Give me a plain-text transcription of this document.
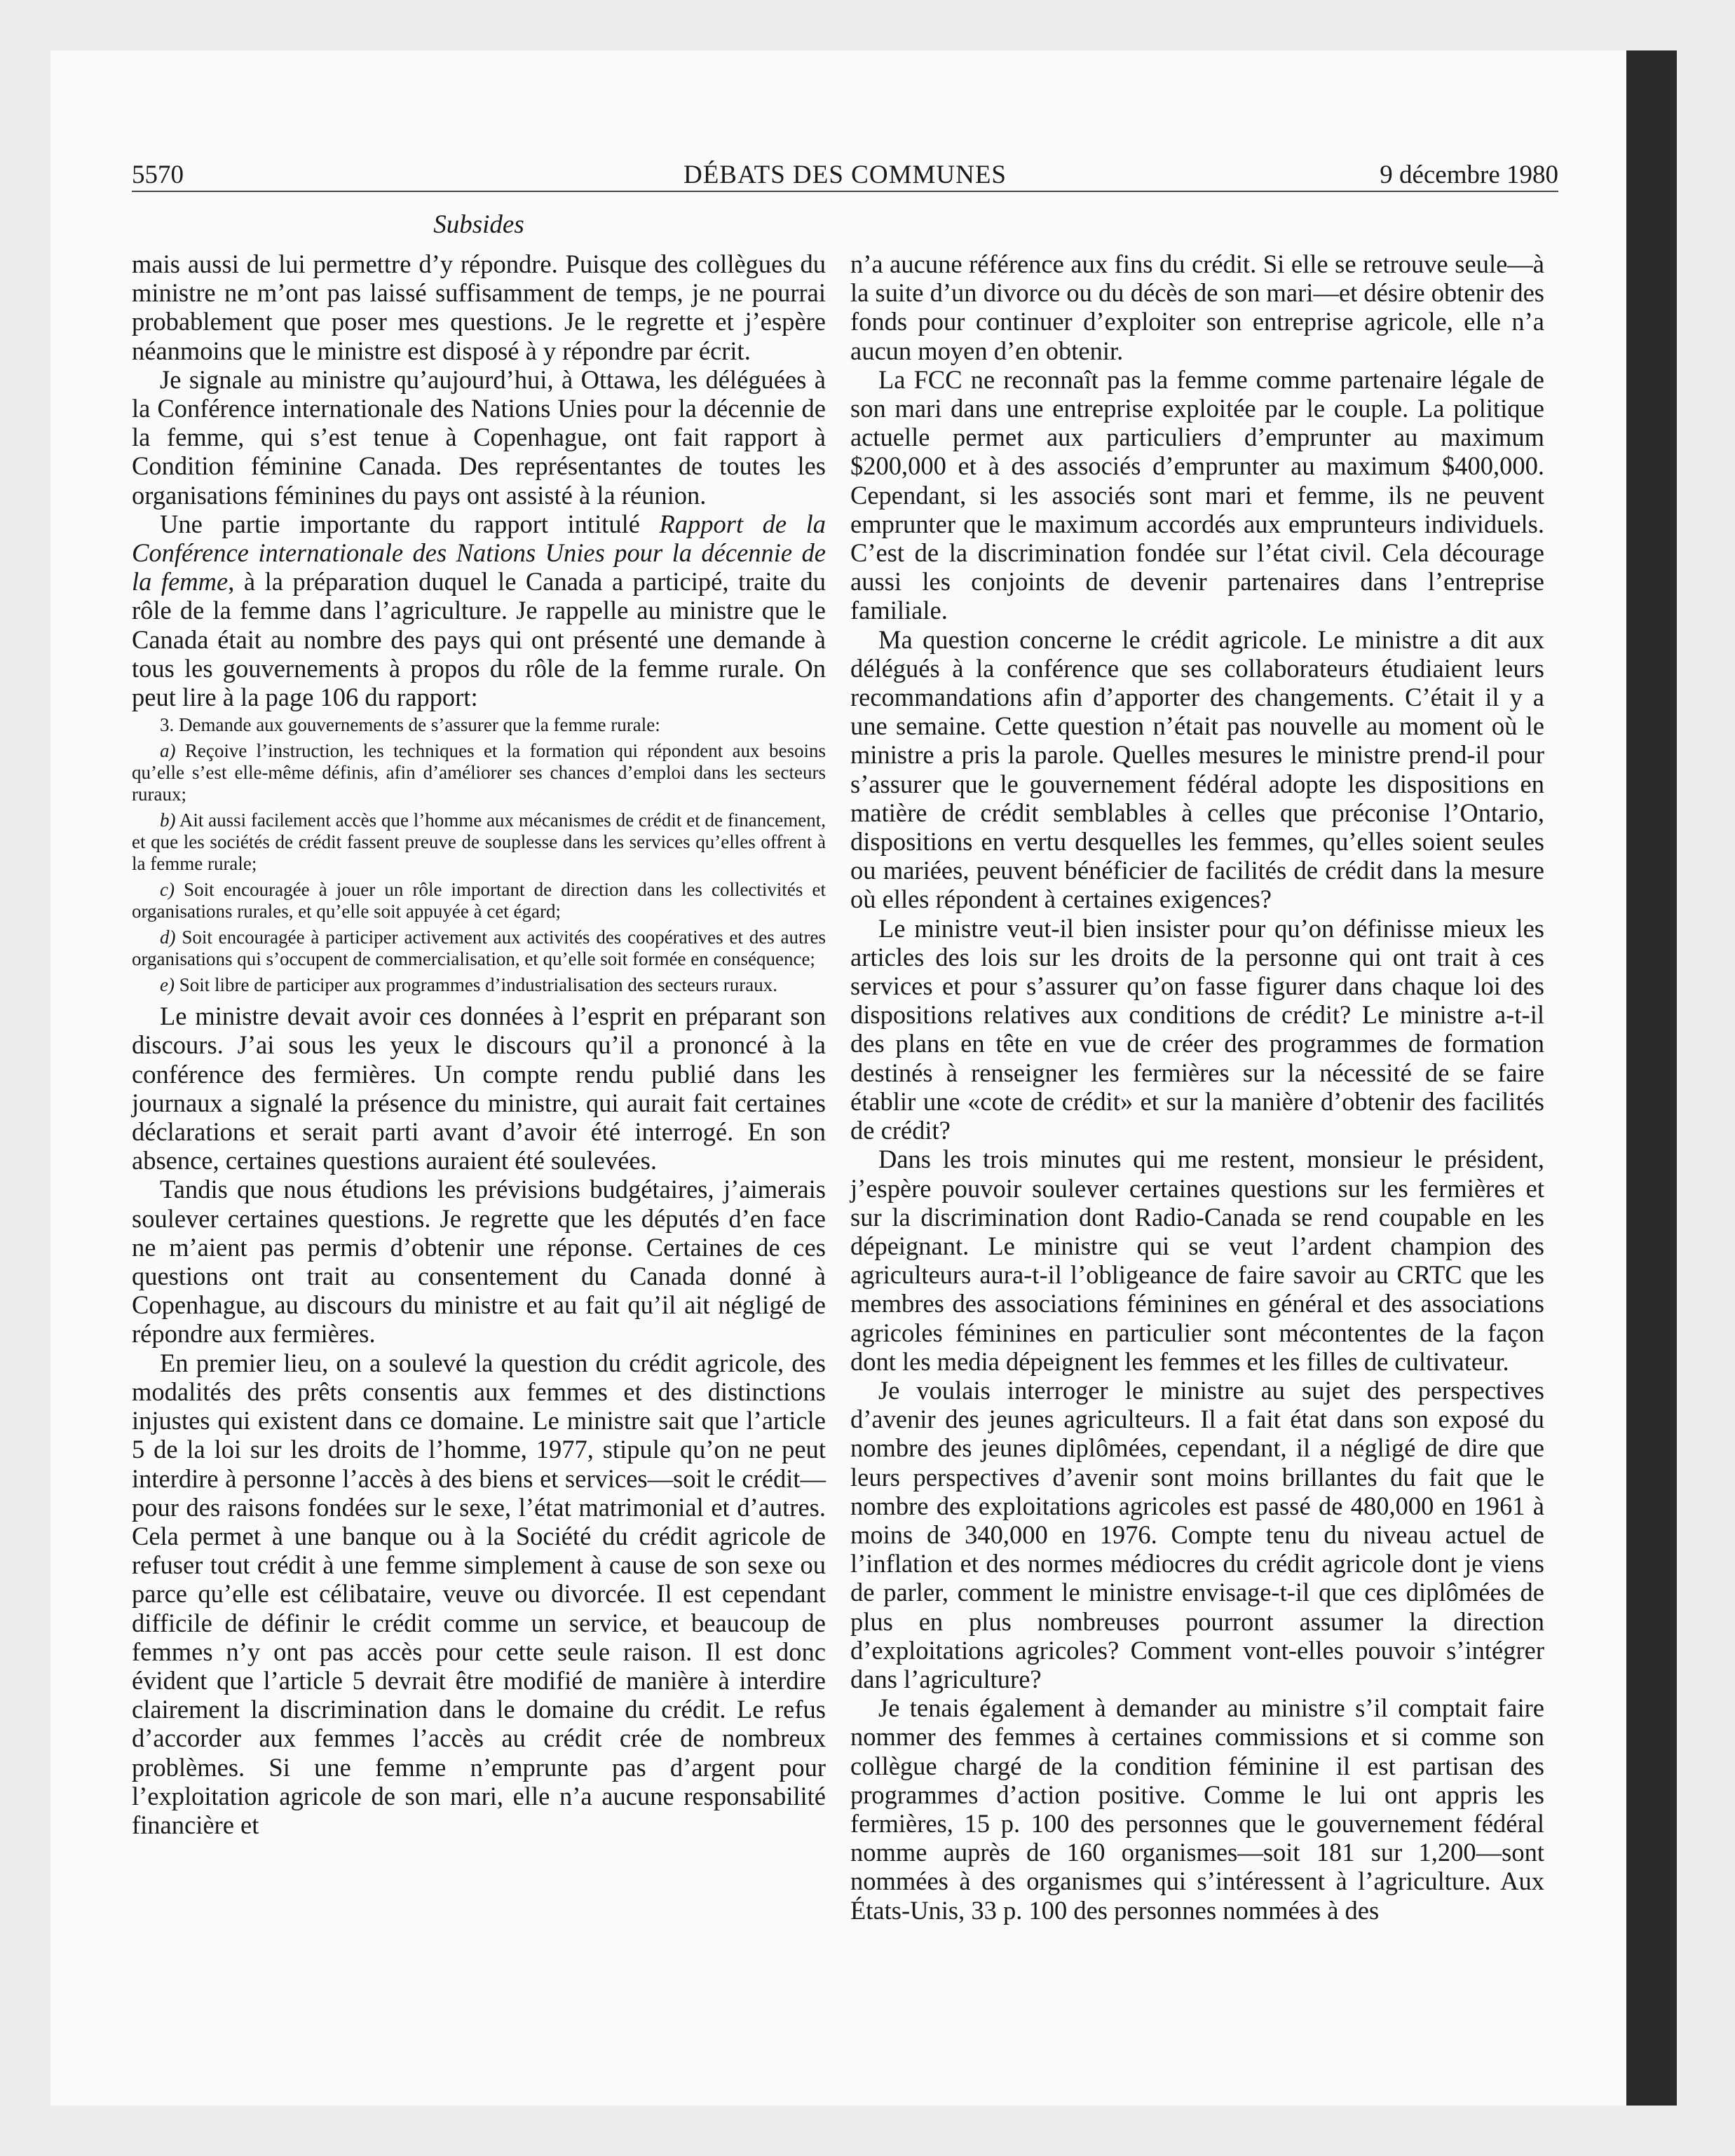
5570	DÉBATS DES COMMUNES	9 décembre 1980
Subsides

mais aussi de lui permettre d’y répondre. Puisque des collègues du ministre ne m’ont pas laissé suffisamment de temps, je ne pourrai probablement que poser mes questions. Je le regrette et j’espère néanmoins que le ministre est disposé à y répondre par écrit.

Je signale au ministre qu’aujourd’hui, à Ottawa, les déléguées à la Conférence internationale des Nations Unies pour la décennie de la femme, qui s’est tenue à Copenhague, ont fait rapport à Condition féminine Canada. Des représentantes de toutes les organisations féminines du pays ont assisté à la réunion.

Une partie importante du rapport intitulé Rapport de la Conférence internationale des Nations Unies pour la décennie de la femme, à la préparation duquel le Canada a participé, traite du rôle de la femme dans l’agriculture. Je rappelle au ministre que le Canada était au nombre des pays qui ont présenté une demande à tous les gouvernements à propos du rôle de la femme rurale. On peut lire à la page 106 du rapport:

3. Demande aux gouvernements de s’assurer que la femme rurale:
a) Reçoive l’instruction, les techniques et la formation qui répondent aux besoins qu’elle s’est elle-même définis, afin d’améliorer ses chances d’emploi dans les secteurs ruraux;
b) Ait aussi facilement accès que l’homme aux mécanismes de crédit et de financement, et que les sociétés de crédit fassent preuve de souplesse dans les services qu’elles offrent à la femme rurale;
c) Soit encouragée à jouer un rôle important de direction dans les collectivités et organisations rurales, et qu’elle soit appuyée à cet égard;
d) Soit encouragée à participer activement aux activités des coopératives et des autres organisations qui s’occupent de commercialisation, et qu’elle soit formée en conséquence;
e) Soit libre de participer aux programmes d’industrialisation des secteurs ruraux.

Le ministre devait avoir ces données à l’esprit en préparant son discours. J’ai sous les yeux le discours qu’il a prononcé à la conférence des fermières. Un compte rendu publié dans les journaux a signalé la présence du ministre, qui aurait fait certaines déclarations et serait parti avant d’avoir été interrogé. En son absence, certaines questions auraient été soulevées.

Tandis que nous étudions les prévisions budgétaires, j’aimerais soulever certaines questions. Je regrette que les députés d’en face ne m’aient pas permis d’obtenir une réponse. Certaines de ces questions ont trait au consentement du Canada donné à Copenhague, au discours du ministre et au fait qu’il ait négligé de répondre aux fermières.

En premier lieu, on a soulevé la question du crédit agricole, des modalités des prêts consentis aux femmes et des distinctions injustes qui existent dans ce domaine. Le ministre sait que l’article 5 de la loi sur les droits de l’homme, 1977, stipule qu’on ne peut interdire à personne l’accès à des biens et services—soit le crédit—pour des raisons fondées sur le sexe, l’état matrimonial et d’autres. Cela permet à une banque ou à la Société du crédit agricole de refuser tout crédit à une femme simplement à cause de son sexe ou parce qu’elle est célibataire, veuve ou divorcée. Il est cependant difficile de définir le crédit comme un service, et beaucoup de femmes n’y ont pas accès pour cette seule raison. Il est donc évident que l’article 5 devrait être modifié de manière à interdire clairement la discrimination dans le domaine du crédit. Le refus d’accorder aux femmes l’accès au crédit crée de nombreux problèmes. Si une femme n’emprunte pas d’argent pour l’exploitation agricole de son mari, elle n’a aucune responsabilité financière et

n’a aucune référence aux fins du crédit. Si elle se retrouve seule—à la suite d’un divorce ou du décès de son mari—et désire obtenir des fonds pour continuer d’exploiter son entreprise agricole, elle n’a aucun moyen d’en obtenir.

La FCC ne reconnaît pas la femme comme partenaire légale de son mari dans une entreprise exploitée par le couple. La politique actuelle permet aux particuliers d’emprunter au maximum $200,000 et à des associés d’emprunter au maximum $400,000. Cependant, si les associés sont mari et femme, ils ne peuvent emprunter que le maximum accordés aux emprunteurs individuels. C’est de la discrimination fondée sur l’état civil. Cela décourage aussi les conjoints de devenir partenaires dans l’entreprise familiale.

Ma question concerne le crédit agricole. Le ministre a dit aux délégués à la conférence que ses collaborateurs étudiaient leurs recommandations afin d’apporter des changements. C’était il y a une semaine. Cette question n’était pas nouvelle au moment où le ministre a pris la parole. Quelles mesures le ministre prend-il pour s’assurer que le gouvernement fédéral adopte les dispositions en matière de crédit semblables à celles que préconise l’Ontario, dispositions en vertu desquelles les femmes, qu’elles soient seules ou mariées, peuvent bénéficier de facilités de crédit dans la mesure où elles répondent à certaines exigences?

Le ministre veut-il bien insister pour qu’on définisse mieux les articles des lois sur les droits de la personne qui ont trait à ces services et pour s’assurer qu’on fasse figurer dans chaque loi des dispositions relatives aux conditions de crédit? Le ministre a-t-il des plans en tête en vue de créer des programmes de formation destinés à renseigner les fermières sur la nécessité de se faire établir une «cote de crédit» et sur la manière d’obtenir des facilités de crédit?

Dans les trois minutes qui me restent, monsieur le président, j’espère pouvoir soulever certaines questions sur les fermières et sur la discrimination dont Radio-Canada se rend coupable en les dépeignant. Le ministre qui se veut l’ardent champion des agriculteurs aura-t-il l’obligeance de faire savoir au CRTC que les membres des associations féminines en général et des associations agricoles féminines en particulier sont mécontentes de la façon dont les media dépeignent les femmes et les filles de cultivateur.

Je voulais interroger le ministre au sujet des perspectives d’avenir des jeunes agriculteurs. Il a fait état dans son exposé du nombre des jeunes diplômées, cependant, il a négligé de dire que leurs perspectives d’avenir sont moins brillantes du fait que le nombre des exploitations agricoles est passé de 480,000 en 1961 à moins de 340,000 en 1976. Compte tenu du niveau actuel de l’inflation et des normes médiocres du crédit agricole dont je viens de parler, comment le ministre envisage-t-il que ces diplômées de plus en plus nombreuses pourront assumer la direction d’exploitations agricoles? Comment vont-elles pouvoir s’intégrer dans l’agriculture?

Je tenais également à demander au ministre s’il comptait faire nommer des femmes à certaines commissions et si comme son collègue chargé de la condition féminine il est partisan des programmes d’action positive. Comme le lui ont appris les fermières, 15 p. 100 des personnes que le gouvernement fédéral nomme auprès de 160 organismes—soit 181 sur 1,200—sont nommées à des organismes qui s’intéressent à l’agriculture. Aux États-Unis, 33 p. 100 des personnes nommées à des
